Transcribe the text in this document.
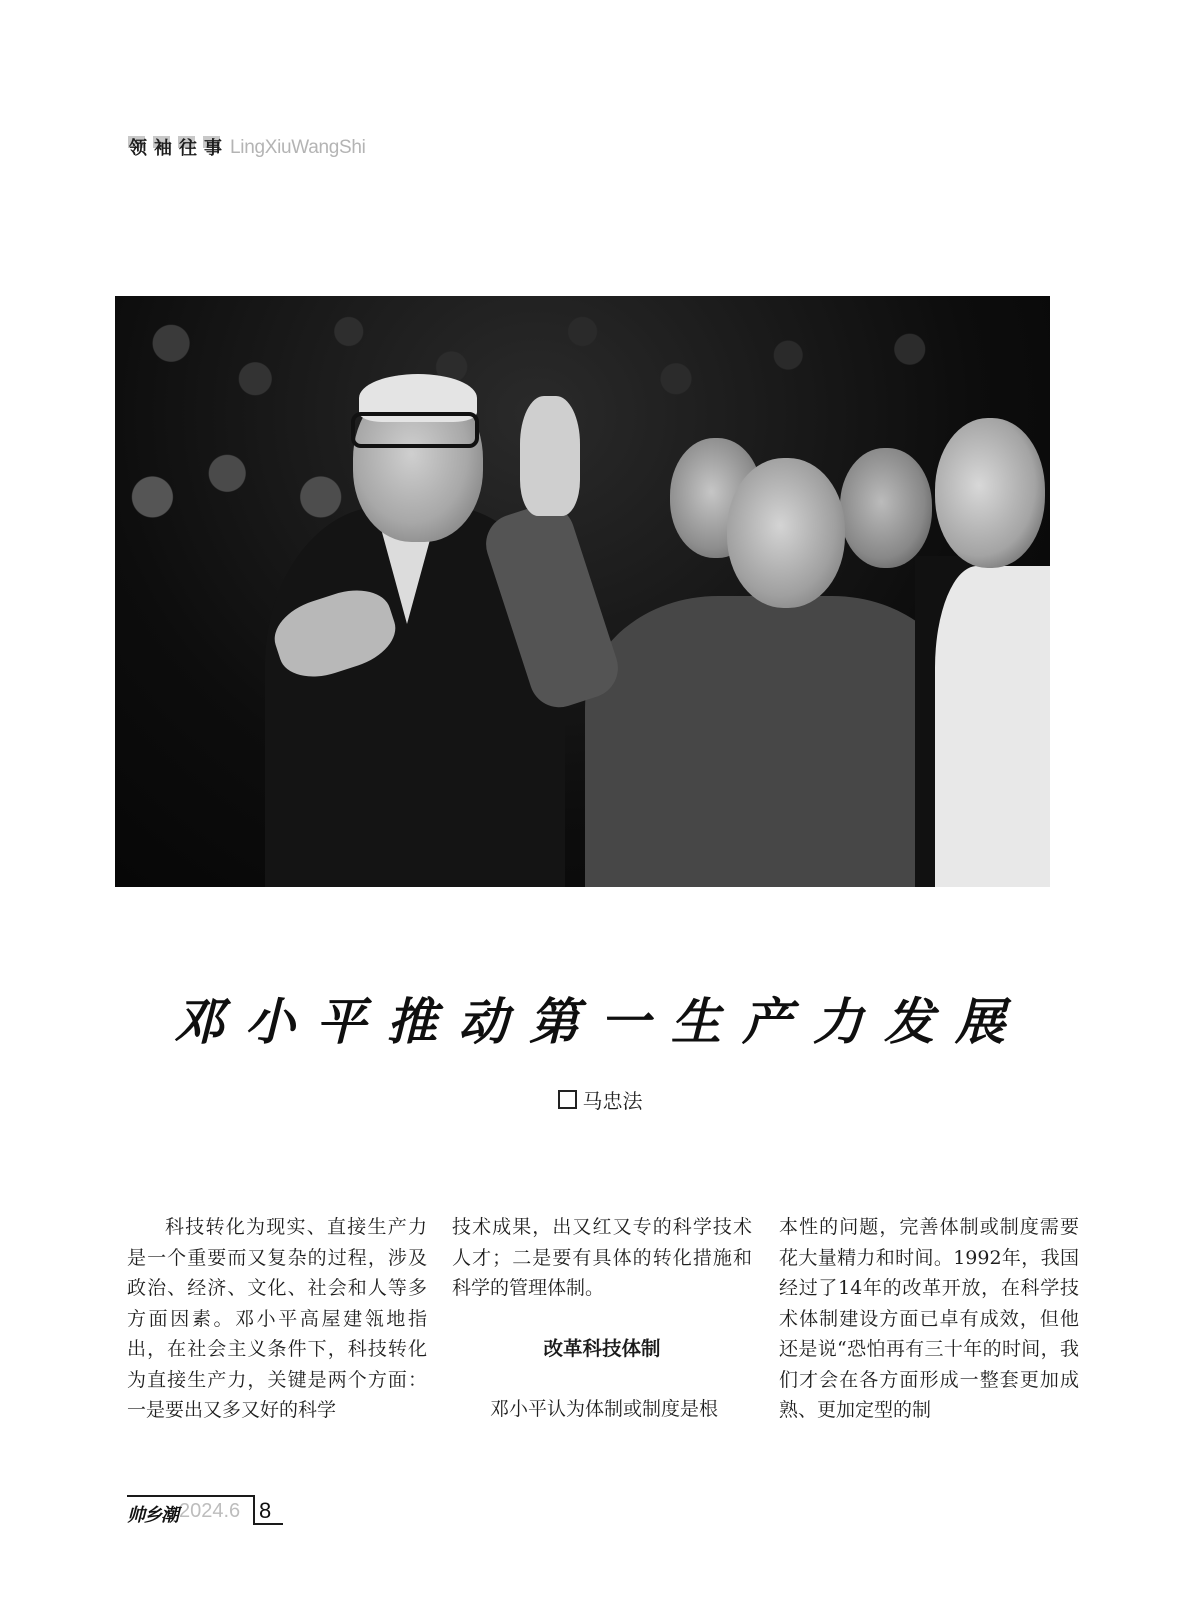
领 袖 往 事 LingXiuWangShi
邓小平推动第一生产力发展
马忠法

科技转化为现实、直接生产力是一个重要而又复杂的过程，涉及政治、经济、文化、社会和人等多方面因素。邓小平高屋建瓴地指出，在社会主义条件下，科技转化为直接生产力，关键是两个方面：一是要出又多又好的科学

技术成果，出又红又专的科学技术人才；二是要有具体的转化措施和科学的管理体制。

改革科技体制

邓小平认为体制或制度是根

本性的问题，完善体制或制度需要花大量精力和时间。1992年，我国经过了14年的改革开放，在科学技术体制建设方面已卓有成效，但他还是说“恐怕再有三十年的时间，我们才会在各方面形成一整套更加成熟、更加定型的制

帅乡潮 2024.6 8
